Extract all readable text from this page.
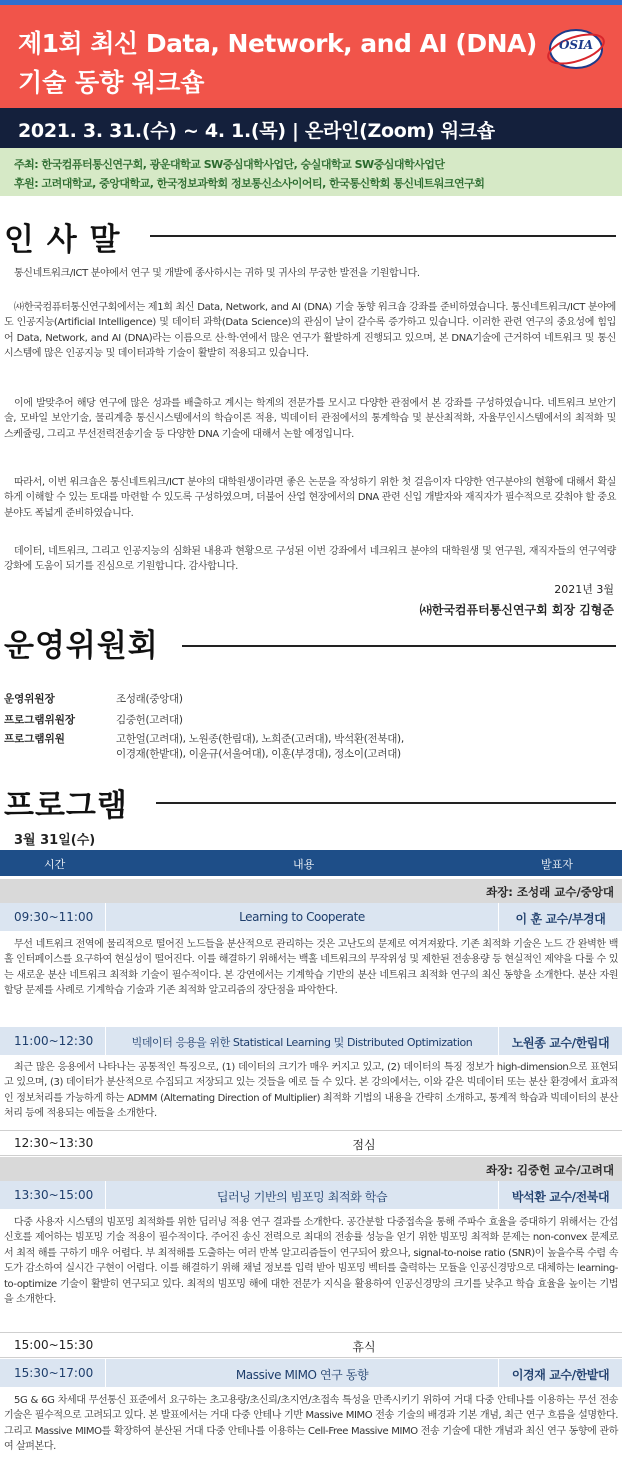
제1회 최신 Data, Network, and AI (DNA)
기술 동향 워크숍
OSIA
2021. 3. 31.(수) ~ 4. 1.(목) | 온라인(Zoom) 워크숍
주최: 한국컴퓨터통신연구회, 광운대학교 SW중심대학사업단, 숭실대학교 SW중심대학사업단
후원: 고려대학교, 중앙대학교, 한국정보과학회 정보통신소사이어티, 한국통신학회 통신네트워크연구회
인 사 말
통신네트워크/ICT 분야에서 연구 및 개발에 종사하시는 귀하 및 귀사의 무궁한 발전을 기원합니다.
㈔한국컴퓨터통신연구회에서는 제1회 최신 Data, Network, and AI (DNA) 기술 동향 워크숍 강좌를 준비하였습니다. 통신네트워크/ICT 분야에도 인공지능(Artificial Intelligence) 및 데이터 과학(Data Science)의 관심이 날이 갈수록 증가하고 있습니다. 이러한 관련 연구의 중요성에 힘입어 Data, Network, and AI (DNA)라는 이름으로 산·학·연에서 많은 연구가 활발하게 진행되고 있으며, 본 DNA기술에 근거하여 네트워크 및 통신시스템에 많은 인공지능 및 데이터과학 기술이 활발히 적용되고 있습니다.
이에 발맞추어 해당 연구에 많은 성과를 배출하고 계시는 학계의 전문가를 모시고 다양한 관점에서 본 강좌를 구성하였습니다. 네트워크 보안기술, 모바일 보안기술, 물리계층 통신시스템에서의 학습이론 적용, 빅데이터 관점에서의 통계학습 및 분산최적화, 자율무인시스템에서의 최적화 및 스케쥴링, 그리고 무선전력전송기술 등 다양한 DNA 기술에 대해서 논할 예정입니다.
따라서, 이번 워크숍은 통신네트워크/ICT 분야의 대학원생이라면 좋은 논문을 작성하기 위한 첫 걸음이자 다양한 연구분야의 현황에 대해서 확실하게 이해할 수 있는 토대를 마련할 수 있도록 구성하였으며, 더불어 산업 현장에서의 DNA 관련 신입 개발자와 재직자가 필수적으로 갖춰야 할 중요 분야도 폭넓게 준비하였습니다.
데이터, 네트워크, 그리고 인공지능의 심화된 내용과 현황으로 구성된 이번 강좌에서 네크워크 분야의 대학원생 및 연구원, 재직자들의 연구역량 강화에 도움이 되기를 진심으로 기원합니다. 감사합니다.
2021년 3월
㈔한국컴퓨터통신연구회 회장 김형준
운영위원회
운영위원장	조성래(중앙대)
프로그램위원장	김중헌(고려대)
프로그램위원	고한얼(고려대), 노원종(한림대), 노희준(고려대), 박석환(전북대),
이경재(한밭대), 이윤규(서울여대), 이훈(부경대), 정소이(고려대)
프로그램
3월 31일(수)
시간	내용	발표자
좌장: 조성래 교수/중앙대
09:30~11:00	Learning to Cooperate	이 훈 교수/부경대
무선 네트워크 전역에 물리적으로 떨어진 노드들을 분산적으로 관리하는 것은 고난도의 문제로 여겨져왔다. 기존 최적화 기술은 노드 간 완벽한 백홀 인터페이스를 요구하여 현실성이 떨어진다. 이를 해결하기 위해서는 백홀 네트워크의 무작위성 및 제한된 전송용량 등 현실적인 제약을 다룰 수 있는 새로운 분산 네트워크 최적화 기술이 필수적이다. 본 강연에서는 기계학습 기반의 분산 네트워크 최적화 연구의 최신 동향을 소개한다. 분산 자원 할당 문제를 사례로 기계학습 기술과 기존 최적화 알고리즘의 장단점을 파악한다.
11:00~12:30	빅데이터 응용을 위한 Statistical Learning 및 Distributed Optimization	노원종 교수/한림대
최근 많은 응용에서 나타나는 공통적인 특징으로, (1) 데이터의 크기가 매우 커지고 있고, (2) 데이터의 특징 정보가 high-dimension으로 표현되고 있으며, (3) 데이터가 분산적으로 수집되고 저장되고 있는 것들을 예로 들 수 있다. 본 강의에서는, 이와 같은 빅데이터 또는 분산 환경에서 효과적인 정보처리를 가능하게 하는 ADMM (Alternating Direction of Multiplier) 최적화 기법의 내용을 간략히 소개하고, 통계적 학습과 빅데이터의 분산 처리 등에 적용되는 예들을 소개한다.
12:30~13:30	점심
좌장: 김중헌 교수/고려대
13:30~15:00	딥러닝 기반의 빔포밍 최적화 학습	박석환 교수/전북대
다중 사용자 시스템의 빔포밍 최적화를 위한 딥러닝 적용 연구 결과를 소개한다. 공간분할 다중접속을 통해 주파수 효율을 증대하기 위해서는 간섭 신호를 제어하는 빔포밍 기술 적용이 필수적이다. 주어진 송신 전력으로 최대의 전송률 성능을 얻기 위한 빔포밍 최적화 문제는 non-convex 문제로서 최적 해를 구하기 매우 어렵다. 부 최적해를 도출하는 여러 반복 알고리즘들이 연구되어 왔으나, signal-to-noise ratio (SNR)이 높을수록 수렴 속도가 감소하여 실시간 구현이 어렵다. 이를 해결하기 위해 채널 정보를 입력 받아 빔포밍 벡터를 출력하는 모듈을 인공신경망으로 대체하는 learning-to-optimize 기술이 활발히 연구되고 있다. 최적의 빔포밍 해에 대한 전문가 지식을 활용하여 인공신경망의 크기를 낮추고 학습 효율을 높이는 기법을 소개한다.
15:00~15:30	휴식
15:30~17:00	Massive MIMO 연구 동향	이경재 교수/한밭대
5G & 6G 차세대 무선통신 표준에서 요구하는 초고용량/초신뢰/초지연/초접속 특성을 만족시키기 위하여 거대 다중 안테나를 이용하는 무선 전송 기술은 필수적으로 고려되고 있다. 본 발표에서는 거대 다중 안테나 기반 Massive MIMO 전송 기술의 배경과 기본 개념, 최근 연구 흐름을 설명한다. 그리고 Massive MIMO를 확장하여 분산된 거대 다중 안테나를 이용하는 Cell-Free Massive MIMO 전송 기술에 대한 개념과 최신 연구 동향에 관하여 살펴본다.
